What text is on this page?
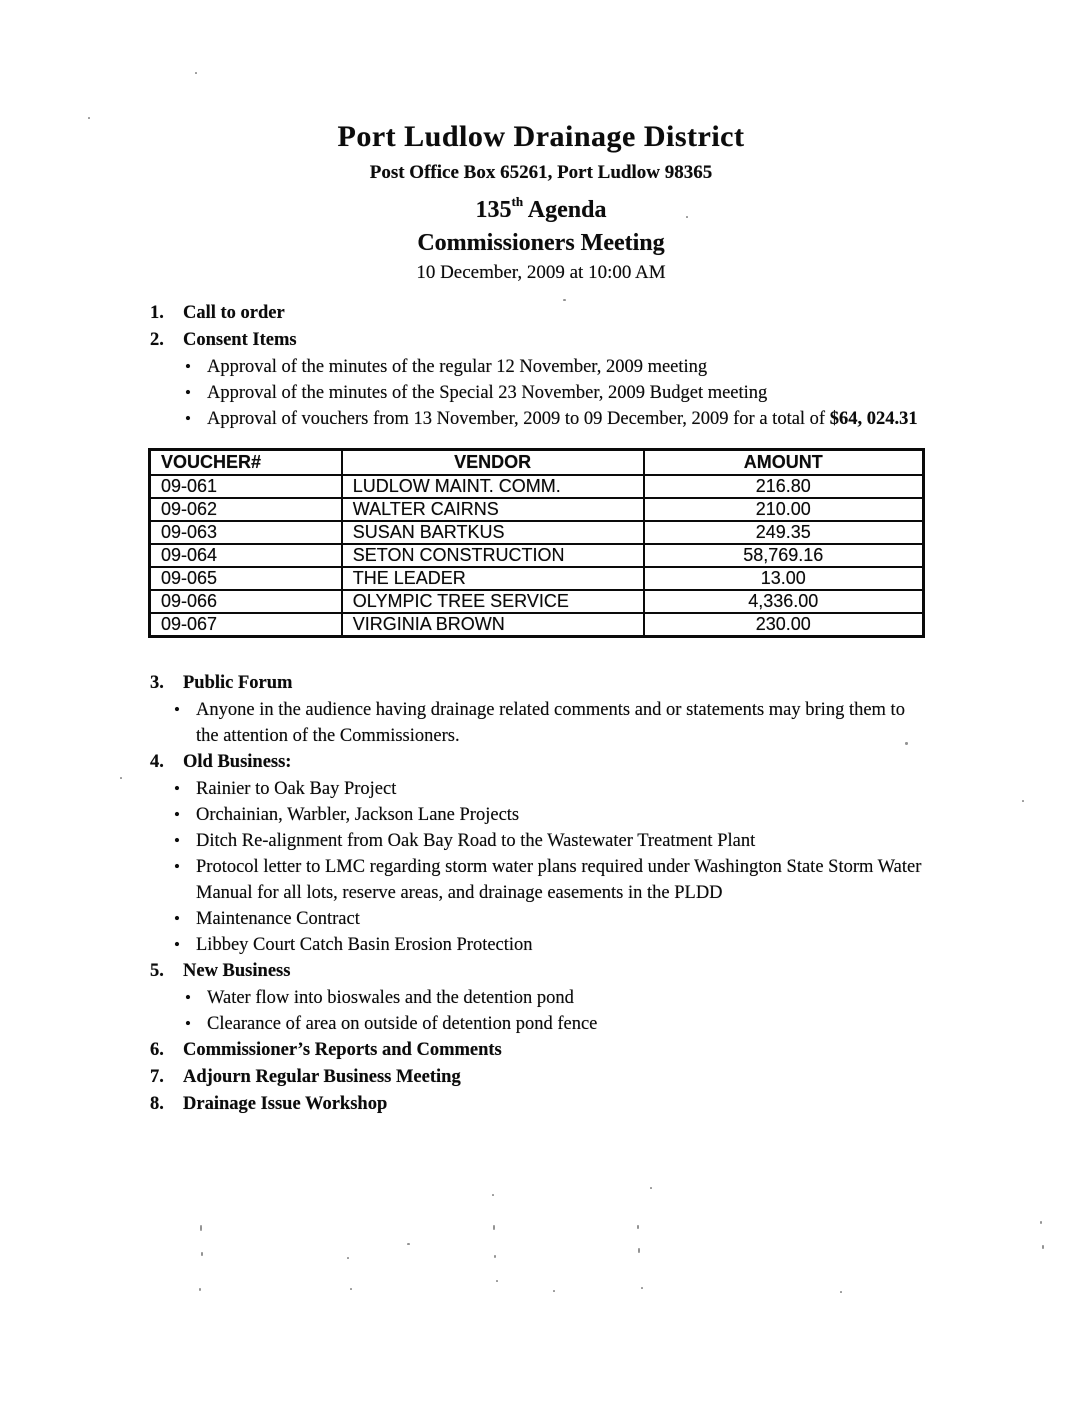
Port Ludlow Drainage District
Post Office Box 65261, Port Ludlow 98365
135th Agenda
Commissioners Meeting
10 December, 2009 at 10:00 AM
1.	Call to order
2.	Consent Items
•
Approval of the minutes of the regular 12 November, 2009 meeting
•
Approval of the minutes of the Special 23 November, 2009 Budget meeting
•
Approval of vouchers from 13 November, 2009 to 09 December, 2009 for a total of $64, 024.31
VOUCHER#	VENDOR	AMOUNT
09-061	LUDLOW MAINT. COMM.	216.80
09-062	WALTER CAIRNS	210.00
09-063	SUSAN BARTKUS	249.35
09-064	SETON CONSTRUCTION	58,769.16
09-065	THE LEADER	13.00
09-066	OLYMPIC TREE SERVICE	4,336.00
09-067	VIRGINIA BROWN	230.00
3.	Public Forum
•
Anyone in the audience having drainage related comments and or statements may bring them to the attention of the Commissioners.
4.	Old Business:
•
Rainier to Oak Bay Project
•
Orchainian, Warbler, Jackson Lane Projects
•
Ditch Re-alignment from Oak Bay Road to the Wastewater Treatment Plant
•
Protocol letter to LMC regarding storm water plans required under Washington State Storm Water Manual for all lots, reserve areas, and drainage easements in the PLDD
•
Maintenance Contract
•
Libbey Court Catch Basin Erosion Protection
5.	New Business
•
Water flow into bioswales and the detention pond
•
Clearance of area on outside of detention pond fence
6.	Commissioner’s Reports and Comments
7.	Adjourn Regular Business Meeting
8.	Drainage Issue Workshop
